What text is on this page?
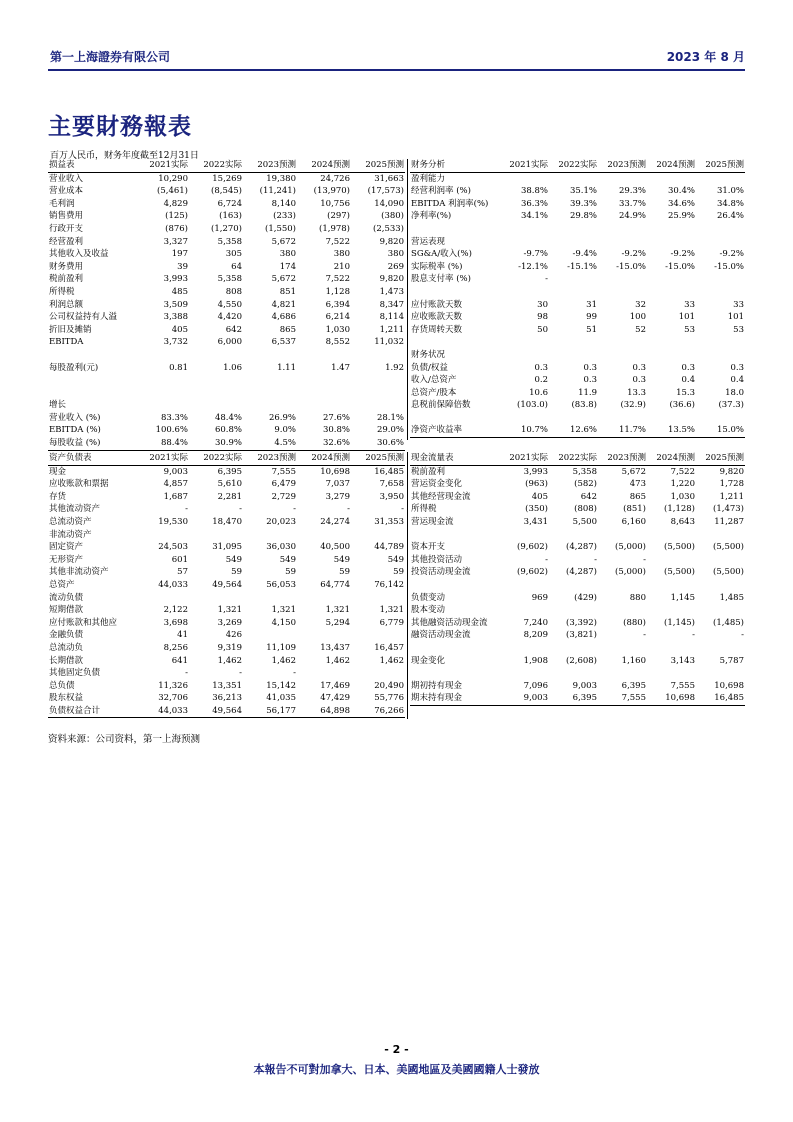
第一上海證券有限公司	2023 年 8 月
主要財務報表
百万人民币，财务年度截至12月31日
损益表	2021实际	2022实际	2023预测	2024预测	2025预测
营业收入	10,290	15,269	19,380	24,726	31,663
营业成本	(5,461)	(8,545)	(11,241)	(13,970)	(17,573)
毛利润	4,829	6,724	8,140	10,756	14,090
销售费用	(125)	(163)	(233)	(297)	(380)
行政开支	(876)	(1,270)	(1,550)	(1,978)	(2,533)
经营盈利	3,327	5,358	5,672	7,522	9,820
其他收入及收益	197	305	380	380	380
财务费用	39	64	174	210	269
税前盈利	3,993	5,358	5,672	7,522	9,820
所得税	485	808	851	1,128	1,473
利润总额	3,509	4,550	4,821	6,394	8,347
公司权益持有人溢	3,388	4,420	4,686	6,214	8,114
折旧及摊销	405	642	865	1,030	1,211
EBITDA	3,732	6,000	6,537	8,552	11,032

每股盈利(元)	0.81	1.06	1.11	1.47	1.92

增长					
营业收入 (%)	83.3%	48.4%	26.9%	27.6%	28.1%
EBITDA (%)	100.6%	60.8%	9.0%	30.8%	29.0%
每股收益 (%)	88.4%	30.9%	4.5%	32.6%	30.6%
财务分析	2021实际	2022实际	2023预测	2024预测	2025预测
盈利能力					
经营利润率 (%)	38.8%	35.1%	29.3%	30.4%	31.0%
EBITDA 利润率(%)	36.3%	39.3%	33.7%	34.6%	34.8%
净利率(%)	34.1%	29.8%	24.9%	25.9%	26.4%

营运表现					
SG&A/收入(%)	-9.7%	-9.4%	-9.2%	-9.2%	-9.2%
实际税率 (%)	-12.1%	-15.1%	-15.0%	-15.0%	-15.0%
股息支付率 (%)	-				

应付账款天数	30	31	32	33	33
应收账款天数	98	99	100	101	101
存货周转天数	50	51	52	53	53

财务状况					
负债/权益	0.3	0.3	0.3	0.3	0.3
收入/总资产	0.2	0.3	0.3	0.4	0.4
总资产/股本	10.6	11.9	13.3	15.3	18.0
息税前保障倍数	(103.0)	(83.8)	(32.9)	(36.6)	(37.3)

净资产收益率	10.7%	12.6%	11.7%	13.5%	15.0%
资产负债表	2021实际	2022实际	2023预测	2024预测	2025预测
现金	9,003	6,395	7,555	10,698	16,485
应收账款和票据	4,857	5,610	6,479	7,037	7,658
存货	1,687	2,281	2,729	3,279	3,950
其他流动资产	-	-	-	-	-
总流动资产	19,530	18,470	20,023	24,274	31,353
非流动资产					
固定资产	24,503	31,095	36,030	40,500	44,789
无形资产	601	549	549	549	549
其他非流动资产	57	59	59	59	59
总资产	44,033	49,564	56,053	64,774	76,142
流动负债					
短期借款	2,122	1,321	1,321	1,321	1,321
应付账款和其他应	3,698	3,269	4,150	5,294	6,779
金融负债	41	426			
总流动负	8,256	9,319	11,109	13,437	16,457
长期借款	641	1,462	1,462	1,462	1,462
其他固定负债	-	-	-		
总负债	11,326	13,351	15,142	17,469	20,490
股东权益	32,706	36,213	41,035	47,429	55,776
负债权益合计	44,033	49,564	56,177	64,898	76,266
现金流量表	2021实际	2022实际	2023预测	2024预测	2025预测
税前盈利	3,993	5,358	5,672	7,522	9,820
营运资金变化	(963)	(582)	473	1,220	1,728
其他经营现金流	405	642	865	1,030	1,211
所得税	(350)	(808)	(851)	(1,128)	(1,473)
营运现金流	3,431	5,500	6,160	8,643	11,287

资本开支	(9,602)	(4,287)	(5,000)	(5,500)	(5,500)
其他投资活动	-	-	-		
投资活动现金流	(9,602)	(4,287)	(5,000)	(5,500)	(5,500)

负债变动	969	(429)	880	1,145	1,485
股本变动					
其他融资活动现金流	7,240	(3,392)	(880)	(1,145)	(1,485)
融资活动现金流	8,209	(3,821)	-	-	-

现金变化	1,908	(2,608)	1,160	3,143	5,787

期初持有现金	7,096	9,003	6,395	7,555	10,698
期末持有现金	9,003	6,395	7,555	10,698	16,485
资料来源：公司资料，第一上海预测
- 2 -
本報告不可對加拿大、日本、美國地區及美國國籍人士發放
